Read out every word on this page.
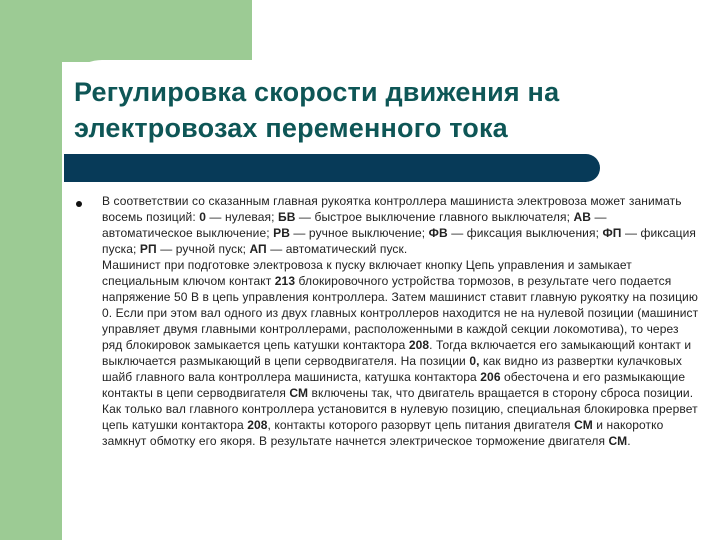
Регулировка скорости движения на
электровозах переменного тока

В соответствии со сказанным главная рукоятка контроллера машиниста электровоза может занимать восемь позиций: 0 — нулевая; БВ — быстрое выключение главного выключателя; АВ — автоматическое выключение; РВ — ручное выключение; ФВ — фиксация выключения; ФП — фиксация пуска; РП — ручной пуск; АП — автоматический пуск.

Машинист при подготовке электровоза к пуску включает кнопку Цепь управления и замыкает специальным ключом контакт 213 блокировочного устройства тормозов, в результате чего подается напряжение 50 В в цепь управления контроллера. Затем машинист ставит главную рукоятку на позицию 0. Если при этом вал одного из двух главных контроллеров находится не на нулевой позиции (машинист управляет двумя главными контроллерами, расположенными в каждой секции локомотива), то через ряд блокировок замыкается цепь катушки контактора 208. Тогда включается его замыкающий контакт и выключается размыкающий в цепи серводвигателя. На позиции 0, как видно из развертки кулачковых шайб главного вала контроллера машиниста, катушка контактора 206 обесточена и его размыкающие контакты в цепи серводвигателя СМ включены так, что двигатель вращается в сторону сброса позиции. Как только вал главного контроллера установится в нулевую позицию, специальная блокировка прервет цепь катушки контактора 208, контакты которого разорвут цепь питания двигателя СМ и накоротко замкнут обмотку его якоря. В результате начнется электрическое торможение двигателя СМ.
